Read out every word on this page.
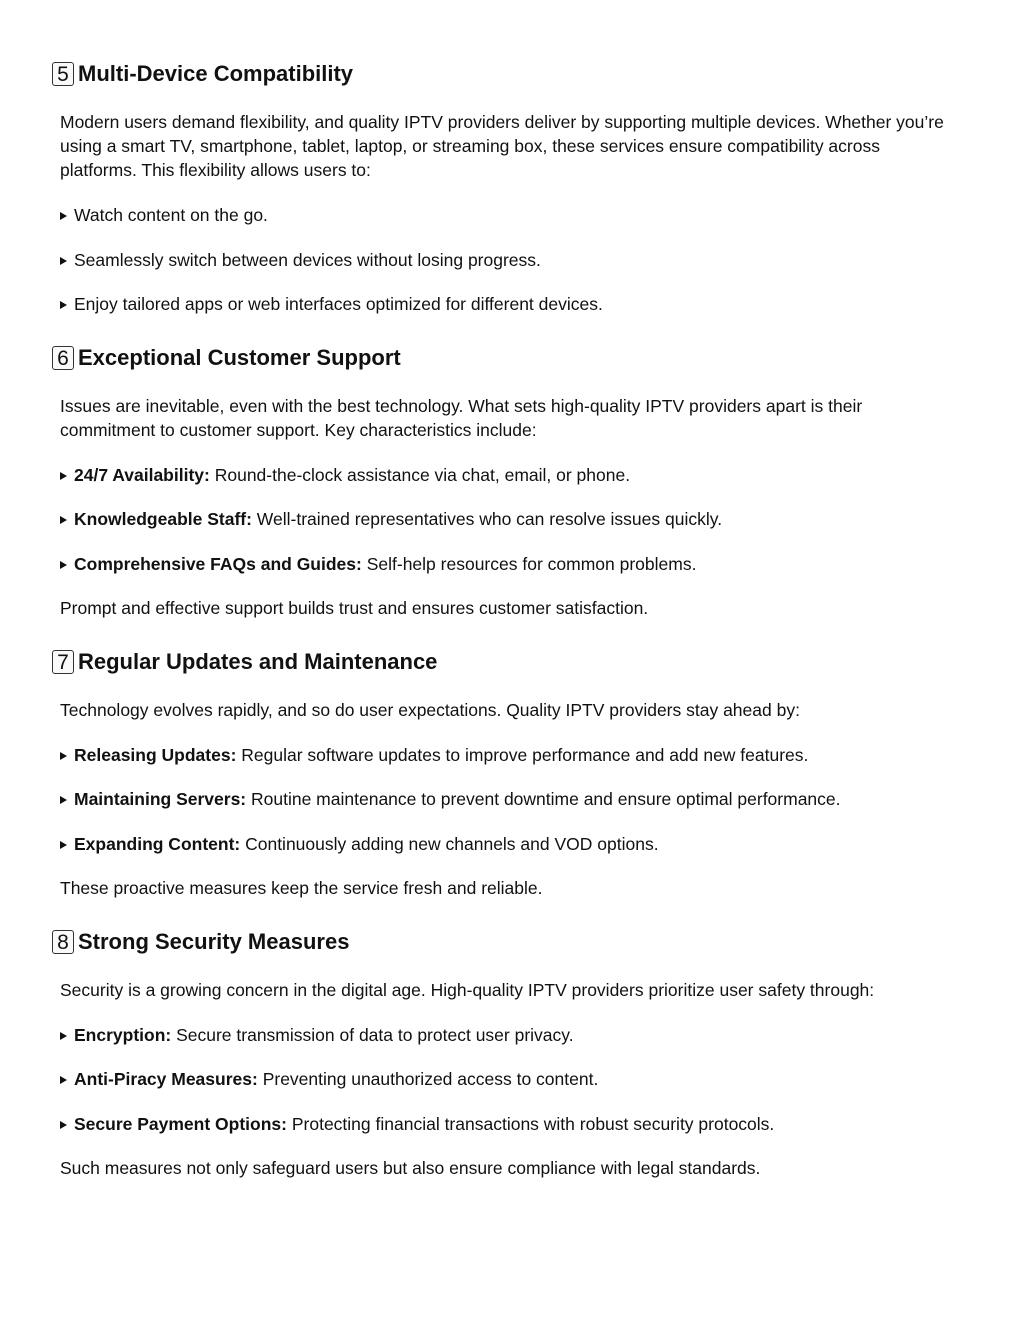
5 Multi-Device Compatibility

Modern users demand flexibility, and quality IPTV providers deliver by supporting multiple devices. Whether you’re using a smart TV, smartphone, tablet, laptop, or streaming box, these services ensure compatibility across platforms. This flexibility allows users to:

Watch content on the go.

Seamlessly switch between devices without losing progress.

Enjoy tailored apps or web interfaces optimized for different devices.

6 Exceptional Customer Support

Issues are inevitable, even with the best technology. What sets high-quality IPTV providers apart is their commitment to customer support. Key characteristics include:

24/7 Availability: Round-the-clock assistance via chat, email, or phone.

Knowledgeable Staff: Well-trained representatives who can resolve issues quickly.

Comprehensive FAQs and Guides: Self-help resources for common problems.

Prompt and effective support builds trust and ensures customer satisfaction.

7 Regular Updates and Maintenance

Technology evolves rapidly, and so do user expectations. Quality IPTV providers stay ahead by:

Releasing Updates: Regular software updates to improve performance and add new features.

Maintaining Servers: Routine maintenance to prevent downtime and ensure optimal performance.

Expanding Content: Continuously adding new channels and VOD options.

These proactive measures keep the service fresh and reliable.

8 Strong Security Measures

Security is a growing concern in the digital age. High-quality IPTV providers prioritize user safety through:

Encryption: Secure transmission of data to protect user privacy.

Anti-Piracy Measures: Preventing unauthorized access to content.

Secure Payment Options: Protecting financial transactions with robust security protocols.

Such measures not only safeguard users but also ensure compliance with legal standards.
